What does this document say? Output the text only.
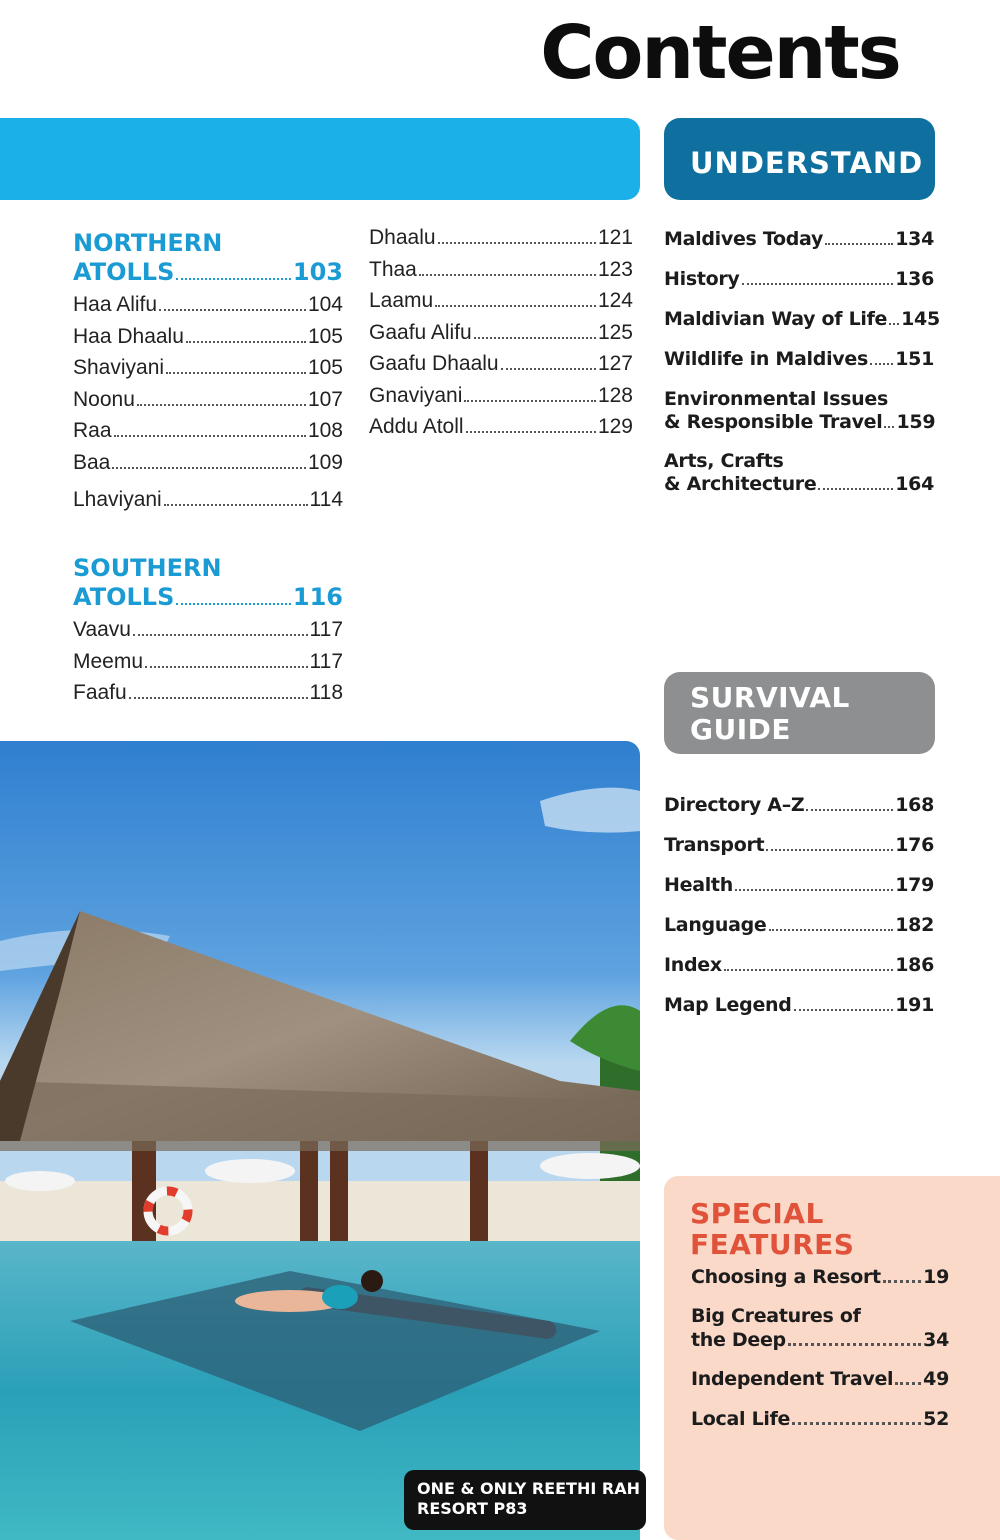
Contents
UNDERSTAND
NORTHERN
ATOLLS	103
Haa Alifu	104
Haa Dhaalu	105
Shaviyani	105
Noonu	107
Raa	108
Baa	109
Lhaviyani	114
SOUTHERN
ATOLLS	116
Vaavu	117
Meemu	117
Faafu	118
Dhaalu	121
Thaa	123
Laamu	124
Gaafu Alifu	125
Gaafu Dhaalu	127
Gnaviyani	128
Addu Atoll	129
Maldives Today	134
History	136
Maldivian Way of Life 145
Wildlife in Maldives 151
Environmental Issues
& Responsible Travel 159
Arts, Crafts
& Architecture	164
SURVIVAL
GUIDE
Directory A–Z	168
Transport	176
Health	179
Language	182
Index	186
Map Legend	191
ONE & ONLY REETHI RAH
RESORT P83
SPECIAL
FEATURES
Choosing a Resort 19
Big Creatures of
the Deep	34
Independent Travel 49
Local Life	52
